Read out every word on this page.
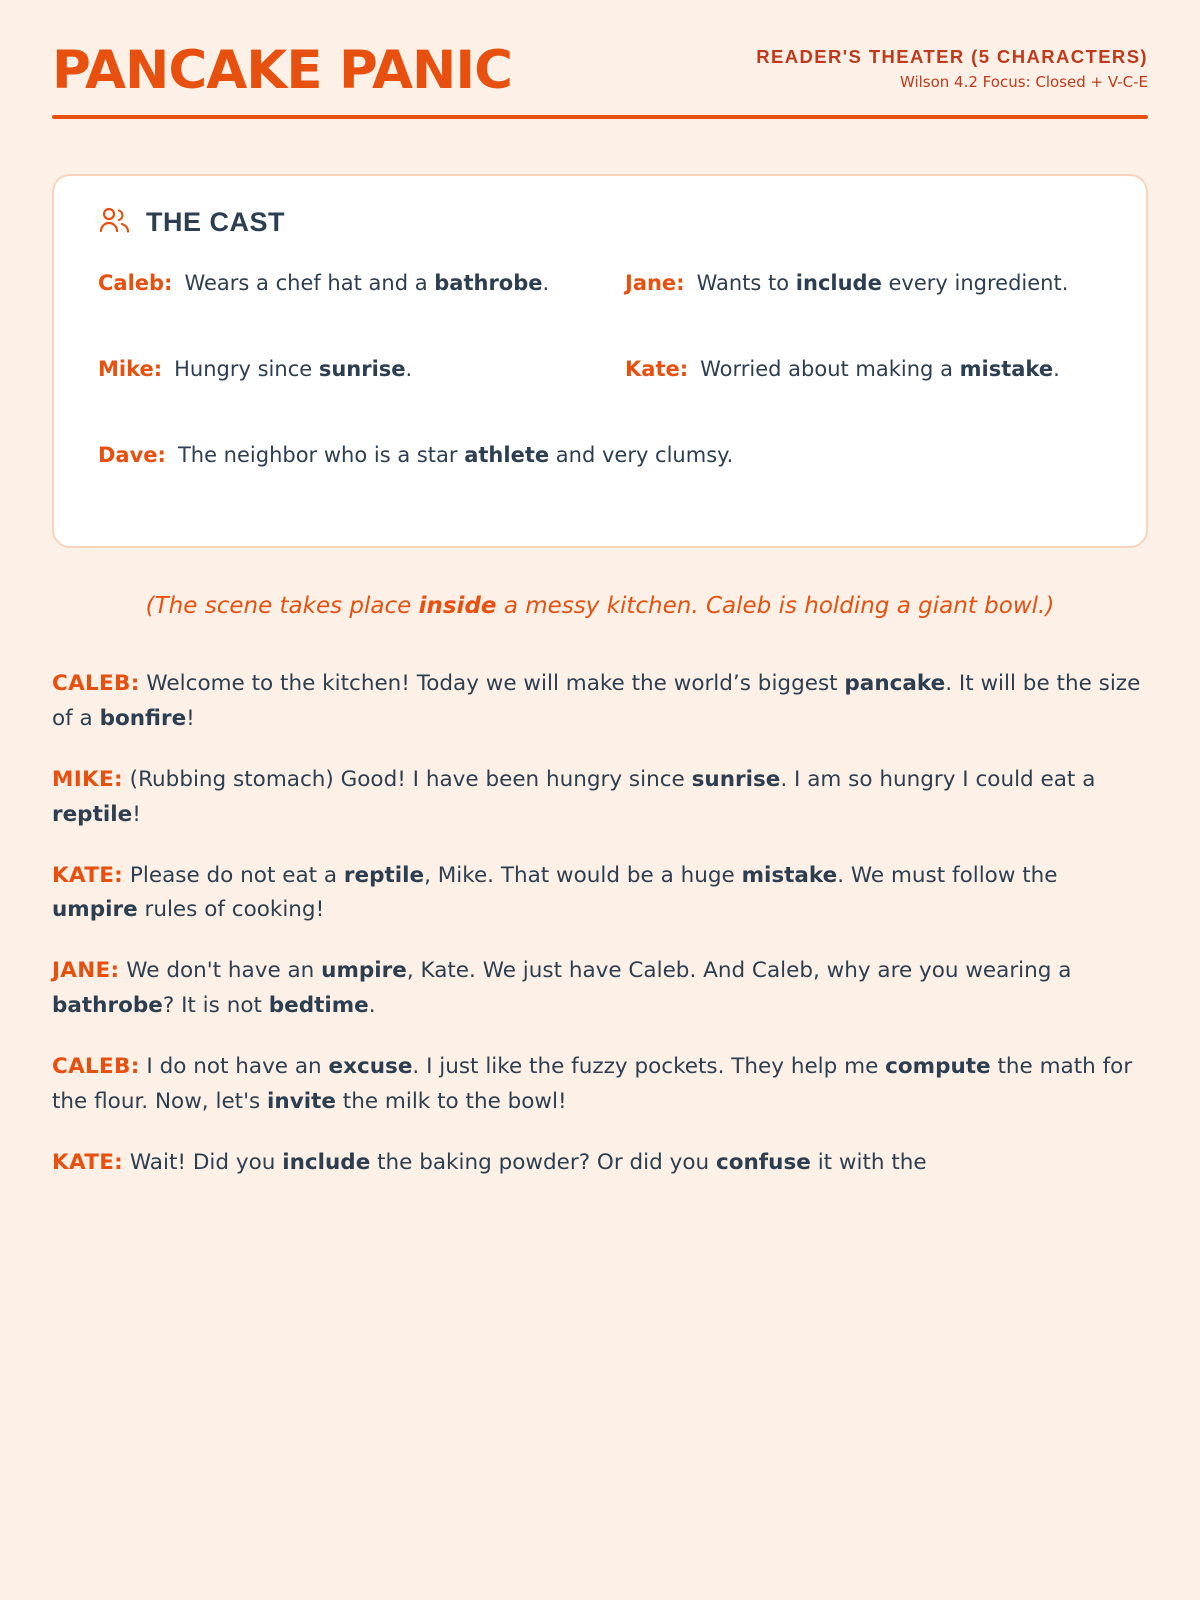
PANCAKE PANIC	READER'S THEATER (5 CHARACTERS)
Wilson 4.2 Focus: Closed + V-C-E
THE CAST
Caleb: Wears a chef hat and a bathrobe.	Jane: Wants to include every ingredient.
Mike: Hungry since sunrise.	Kate: Worried about making a mistake.
Dave: The neighbor who is a star athlete and very clumsy.
(The scene takes place inside a messy kitchen. Caleb is holding a giant bowl.)

CALEB: Welcome to the kitchen! Today we will make the world’s biggest pancake. It will be the size of a bonfire!

MIKE: (Rubbing stomach) Good! I have been hungry since sunrise. I am so hungry I could eat a reptile!

KATE: Please do not eat a reptile, Mike. That would be a huge mistake. We must follow the umpire rules of cooking!

JANE: We don't have an umpire, Kate. We just have Caleb. And Caleb, why are you wearing a bathrobe? It is not bedtime.

CALEB: I do not have an excuse. I just like the fuzzy pockets. They help me compute the math for the flour. Now, let's invite the milk to the bowl!

KATE: Wait! Did you include the baking powder? Or did you confuse it with the
